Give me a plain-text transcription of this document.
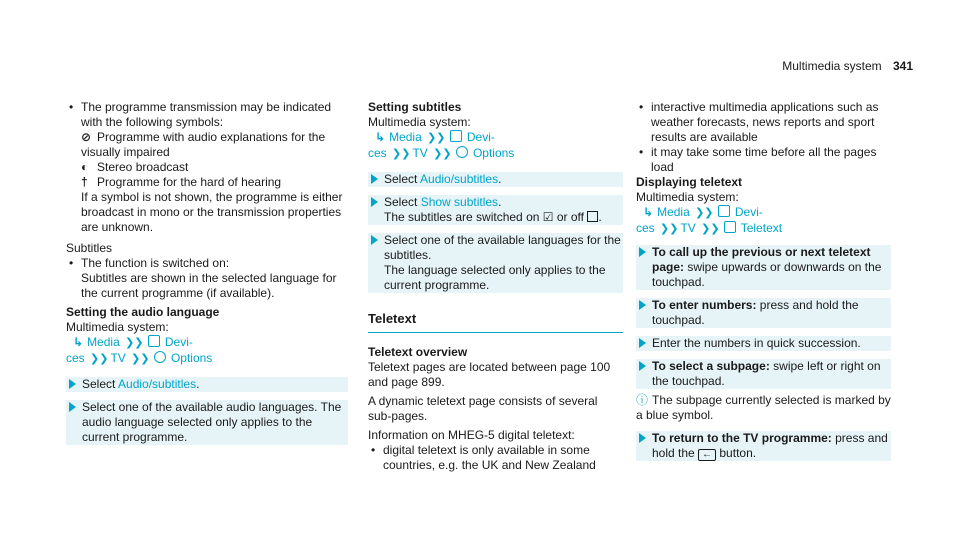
Multimedia system 341

• The programme transmission may be indicated with the following symbols:

⊘ Programme with audio explanations for the visually impaired

◐ Stereo broadcast

† Programme for the hard of hearing

If a symbol is not shown, the programme is either broadcast in mono or the transmission properties are unknown.

Subtitles

• The function is switched on:

Subtitles are shown in the selected language for the current programme (if available).

Setting the audio language

Multimedia system:

↳ Media ❯❯ Devi-

ces ❯❯ TV ❯❯ Options

Select Audio/subtitles.
Select one of the available audio languages. The audio language selected only applies to the current programme.

Setting subtitles

Multimedia system:

↳ Media ❯❯ Devi-

ces ❯❯ TV ❯❯ Options

Select Audio/subtitles.
Select Show subtitles.
The subtitles are switched on ☑ or off .
Select one of the available languages for the subtitles.
The language selected only applies to the current programme.
Teletext

Teletext overview

Teletext pages are located between page 100 and page 899.

A dynamic teletext page consists of several sub-pages.

Information on MHEG-5 digital teletext:

• digital teletext is only available in some countries, e.g. the UK and New Zealand

• interactive multimedia applications such as weather forecasts, news reports and sport results are available

• it may take some time before all the pages load

Displaying teletext

Multimedia system:

↳ Media ❯❯ Devi-

ces ❯❯ TV ❯❯ Teletext

To call up the previous or next teletext page: swipe upwards or downwards on the touchpad.
To enter numbers: press and hold the touchpad.
Enter the numbers in quick succession.
To select a subpage: swipe left or right on the touchpad.

ⓘ The subpage currently selected is marked by a blue symbol.

To return to the TV programme: press and hold the ← button.
